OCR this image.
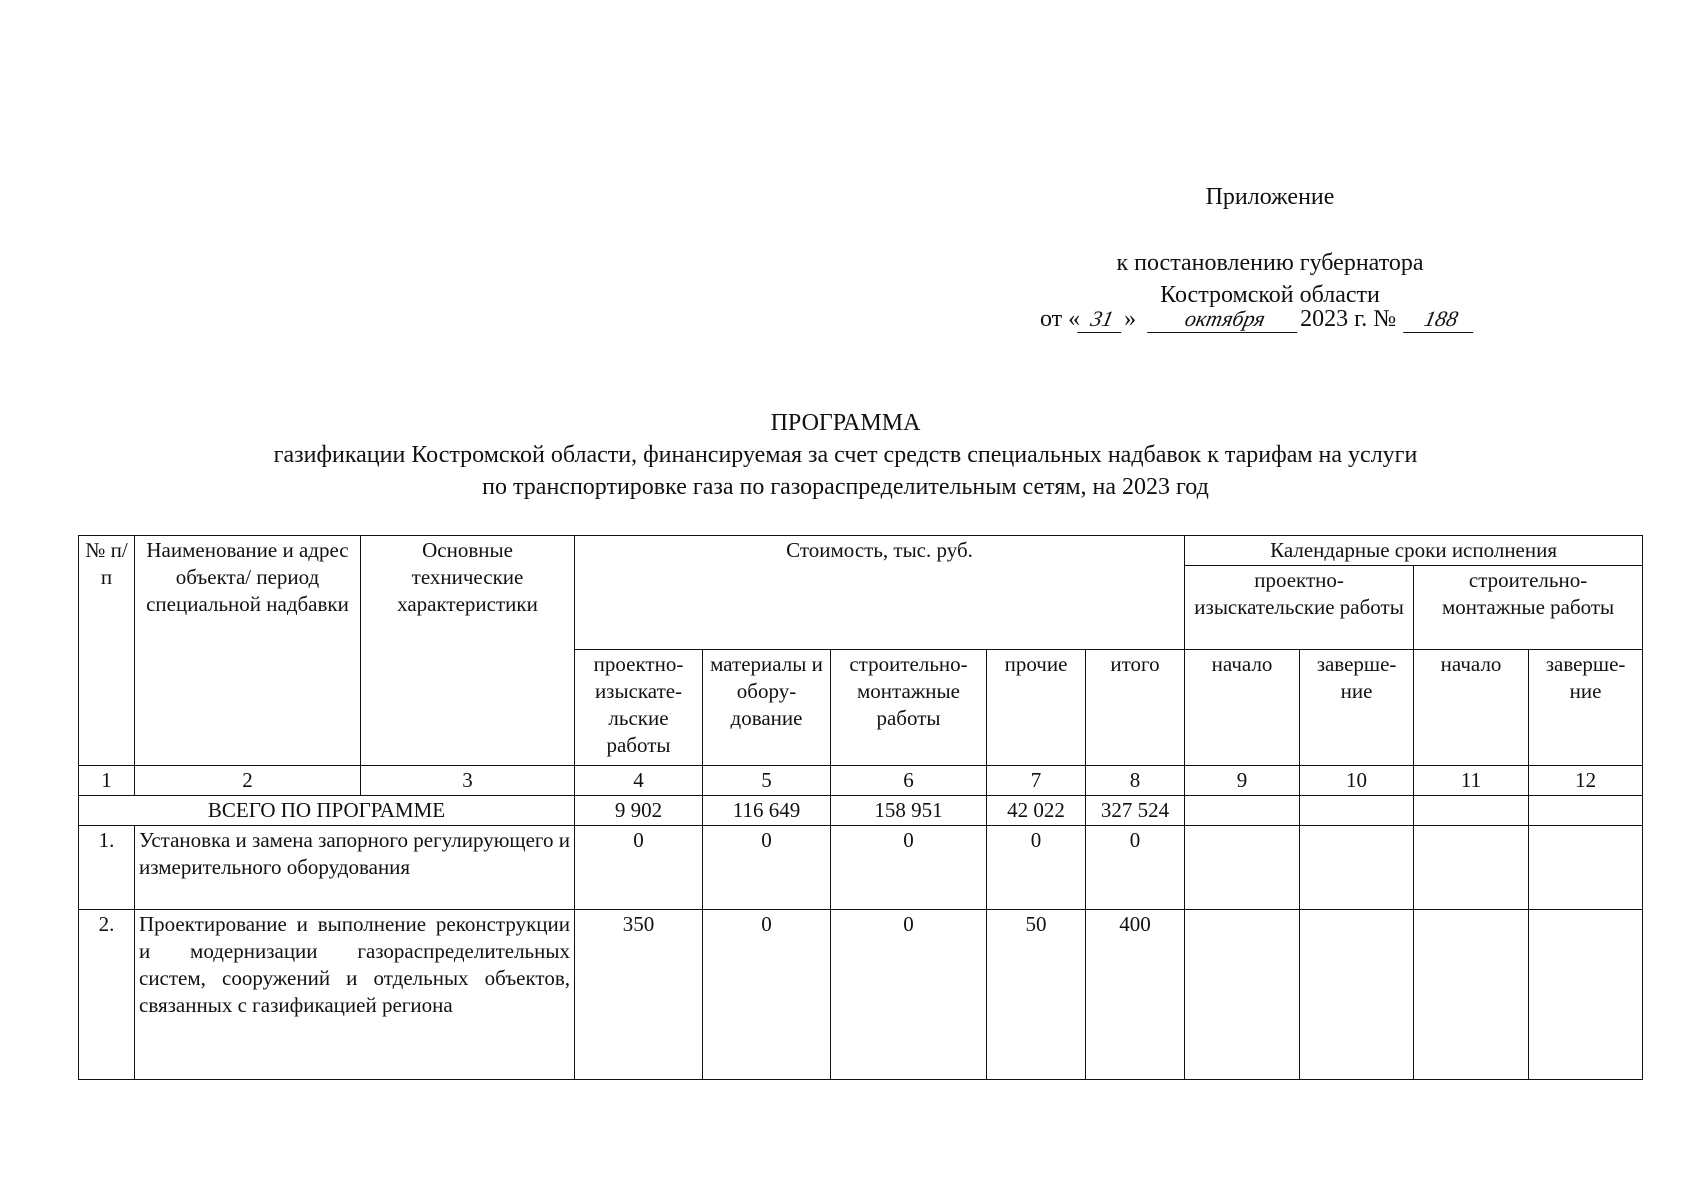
Приложение
к постановлению губернатора
Костромской области
от « 31 » октября 2023 г. № 188
ПРОГРАММА
газификации Костромской области, финансируемая за счет средств специальных надбавок к тарифам на услуги
по транспортировке газа по газораспределительным сетям, на 2023 год
№ п/п	Наименование и адрес объекта/ период специальной надбавки	Основные технические характеристики	Стоимость, тыс. руб.					Календарные сроки исполнения			
								проектно-изыскательские работы		строительно-монтажные работы	
			проектно-изыскате-льские работы	материалы и обору-дование	строительно-монтажные работы	прочие	итого	начало	заверше-ние	начало	заверше-ние
1	2	3	4	5	6	7	8	9	10	11	12
ВСЕГО ПО ПРОГРАММЕ			9 902	116 649	158 951	42 022	327 524				
1.	Установка и замена запорного регулирующего и измерительного оборудования		0	0	0	0	0				
2.	Проектирование и выполнение реконструкции и модернизации газораспределительных систем, сооружений и отдельных объектов, связанных с газификацией региона		350	0	0	50	400				
